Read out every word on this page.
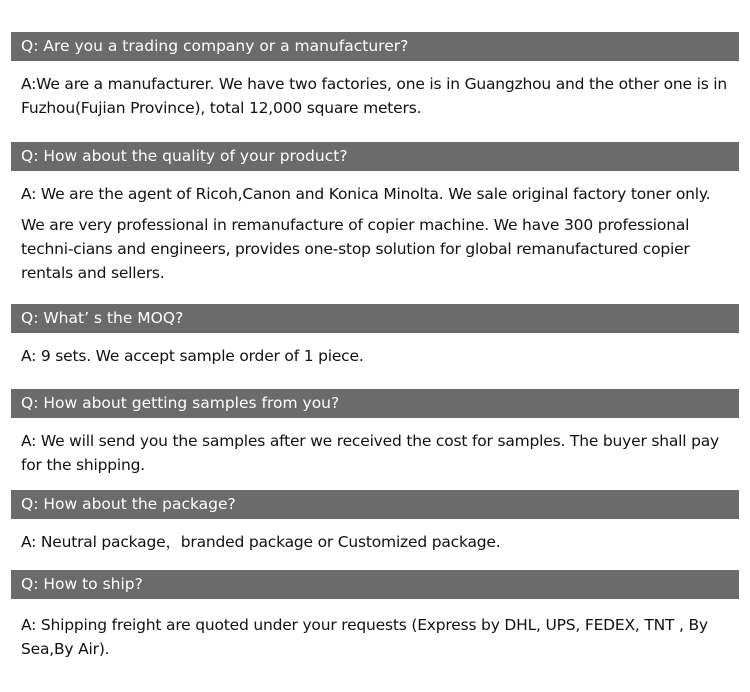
Q: Are you a trading company or a manufacturer?

A:We are a manufacturer. We have two factories, one is in Guangzhou and the other one is in Fuzhou(Fujian Province), total 12,000 square meters.

Q: How about the quality of your product?

A: We are the agent of Ricoh,Canon and Konica Minolta. We sale original factory toner only.

We are very professional in remanufacture of copier machine. We have 300 professional techni-cians and engineers, provides one-stop solution for global remanufactured copier rentals and sellers.

Q: What’ s the MOQ?

A: 9 sets. We accept sample order of 1 piece.

Q: How about getting samples from you?

A: We will send you the samples after we received the cost for samples. The buyer shall pay for the shipping.

Q: How about the package?

A: Neutral package，branded package or Customized package.

Q: How to ship?

A: Shipping freight are quoted under your requests (Express by DHL, UPS, FEDEX, TNT , By Sea,By Air).
